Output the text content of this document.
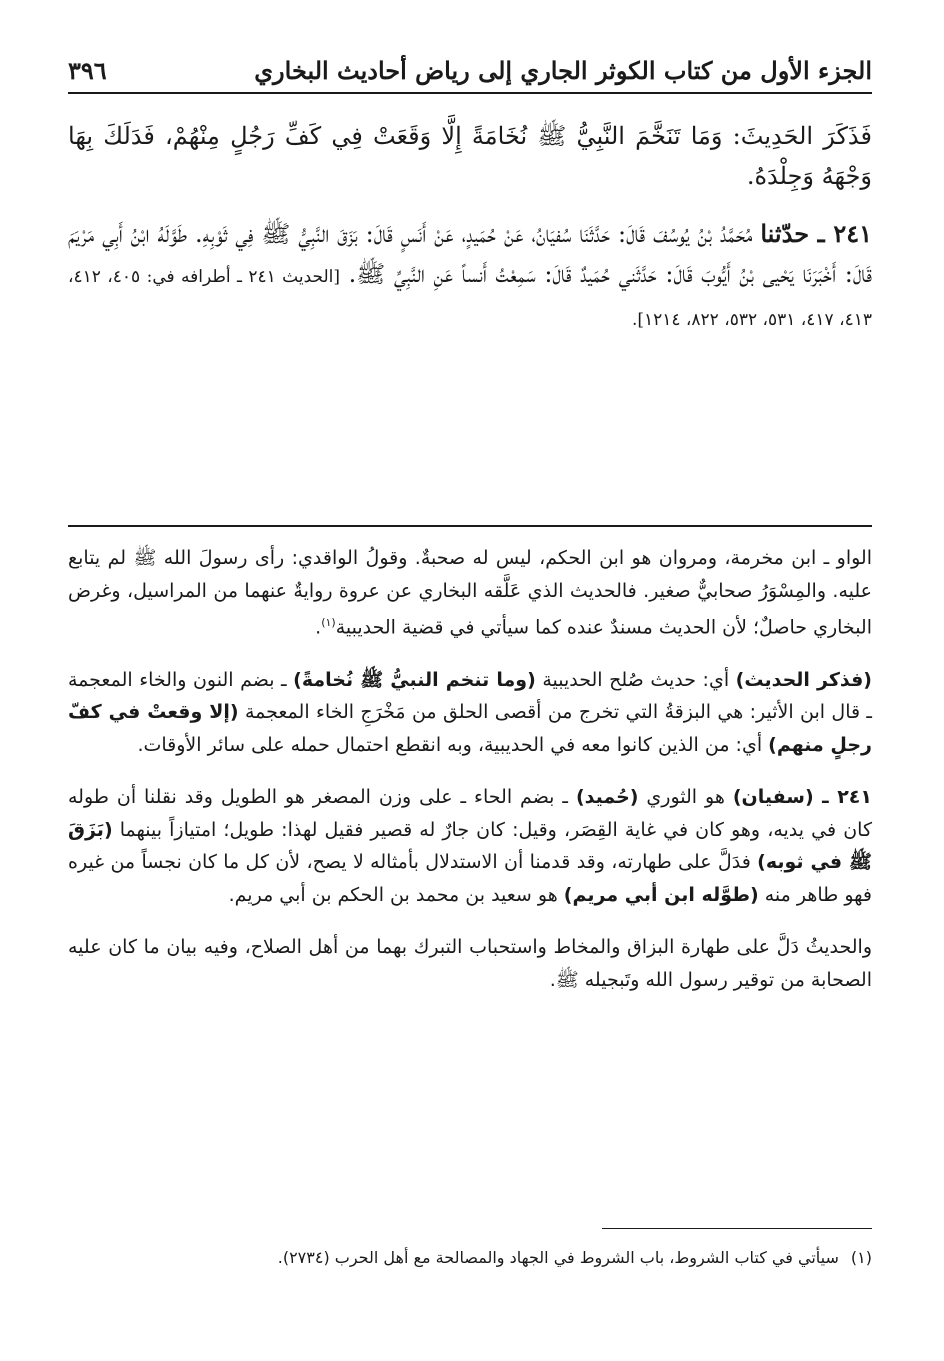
الجزء الأول من كتاب الكوثر الجاري إلى رياض أحاديث البخاري
٣٩٦

فَذَكَرَ الحَدِيثَ: وَمَا تَنَخَّمَ النَّبِيُّ ﷺ نُخَامَةً إِلَّا وَقَعَتْ فِي كَفِّ رَجُلٍ مِنْهُمْ، فَدَلَكَ بِهَا وَجْهَهُ وَجِلْدَهُ.

٢٤١ ـ حدّثنا مُحَمَّدُ بْنُ يُوسُفَ قَالَ: حَدَّثَنَا سُفيَانُ، عَنْ حُمَيدٍ، عَنْ أَنَسٍ قَالَ: بَزَقَ النَّبِيُّ ﷺ فِي ثَوْبِهِ. طَوَّلَهُ ابْنُ أَبِي مَرْيَمَ قَالَ: أَخْبَرَنَا يَحْيى بْنُ أَيُّوبَ قَالَ: حَدَّثَني حُمَيدٌ قَالَ: سَمِعْتُ أَنساً عَنِ النَّبِيِّ ﷺ. [الحديث ٢٤١ ـ أطرافه في: ٤٠٥، ٤١٢، ٤١٣، ٤١٧، ٥٣١، ٥٣٢، ٨٢٢، ١٢١٤].

الواو ـ ابن مخرمة، ومروان هو ابن الحكم، ليس له صحبةٌ. وقولُ الواقدي: رأى رسولَ الله ﷺ لم يتابع عليه. والمِسْوَرُ صحابيٌّ صغير. فالحديث الذي عَلَّقه البخاري عن عروة روايةٌ عنهما من المراسيل، وغرض البخاري حاصلٌ؛ لأن الحديث مسندٌ عنده كما سيأتي في قضية الحديبية$^{(١)}$.

(فذكر الحديث) أي: حديث صُلح الحديبية (وما تنخم النبيُّ ﷺ نُخامةً) ـ بضم النون والخاء المعجمة ـ قال ابن الأثير: هي البزقةُ التي تخرج من أقصى الحلق من مَخْرَجِ الخاء المعجمة (إلا وقعتْ في كفّ رجلٍ منهم) أي: من الذين كانوا معه في الحديبية، وبه انقطع احتمال حمله على سائر الأوقات.

٢٤١ ـ (سفيان) هو الثوري (حُميد) ـ بضم الحاء ـ على وزن المصغر هو الطويل وقد نقلنا أن طوله كان في يديه، وهو كان في غاية القِصَر، وقيل: كان جارٌ له قصير فقيل لهذا: طويل؛ امتيازاً بينهما (بَزَقَ ﷺ في ثوبه) فدَلَّ على طهارته، وقد قدمنا أن الاستدلال بأمثاله لا يصح، لأن كل ما كان نجساً من غيره فهو طاهر منه (طوَّله ابن أبي مريم) هو سعيد بن محمد بن الحكم بن أبي مريم.

والحديثُ دَلَّ على طهارة البزاق والمخاط واستحباب التبرك بهما من أهل الصلاح، وفيه بيان ما كان عليه الصحابة من توقير رسول الله وتَبجيله ﷺ.

(١)سيأتي في كتاب الشروط، باب الشروط في الجهاد والمصالحة مع أهل الحرب (٢٧٣٤).
